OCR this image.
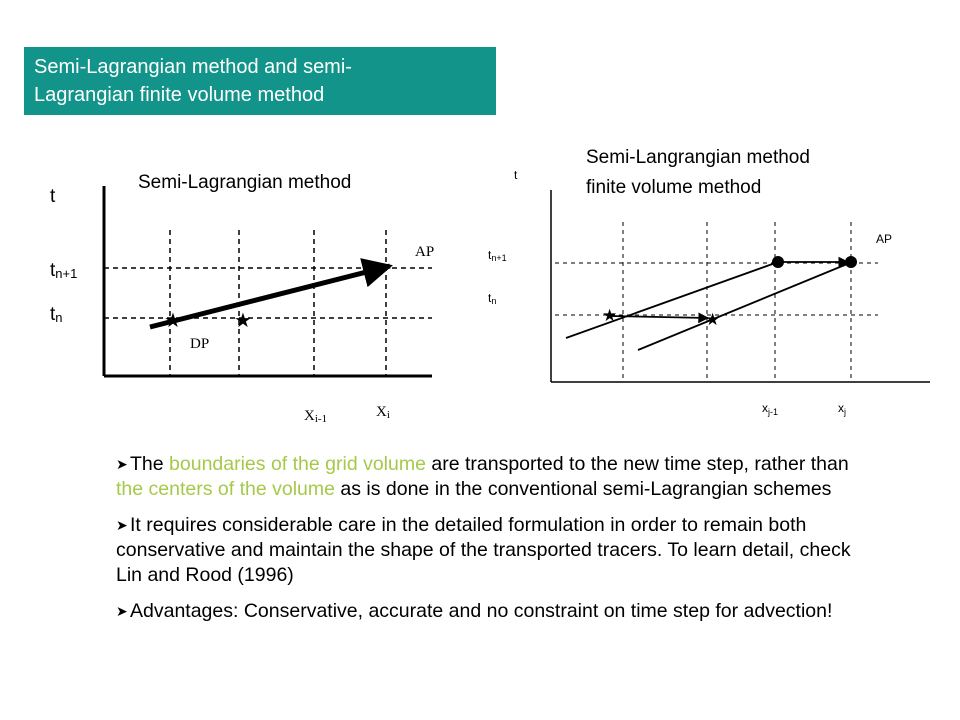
Semi-Lagrangian method and semi-
Lagrangian finite volume method
Semi-Lagrangian method
★	★
t
tn+1
tn
AP
DP
Xi-1	Xi
Semi-Langrangian method
finite volume method
★	★
t
tn+1
tn
AP
$x_{j-1}$	$x_j$
➤ The boundaries of the grid volume are transported to the new time step, rather than the centers of the volume as is done in the conventional semi-Lagrangian schemes
➤ It requires considerable care in the detailed formulation in order to remain both conservative and maintain the shape of the transported tracers. To learn detail, check Lin and Rood (1996)
➤ Advantages: Conservative, accurate and no constraint on time step for advection!
